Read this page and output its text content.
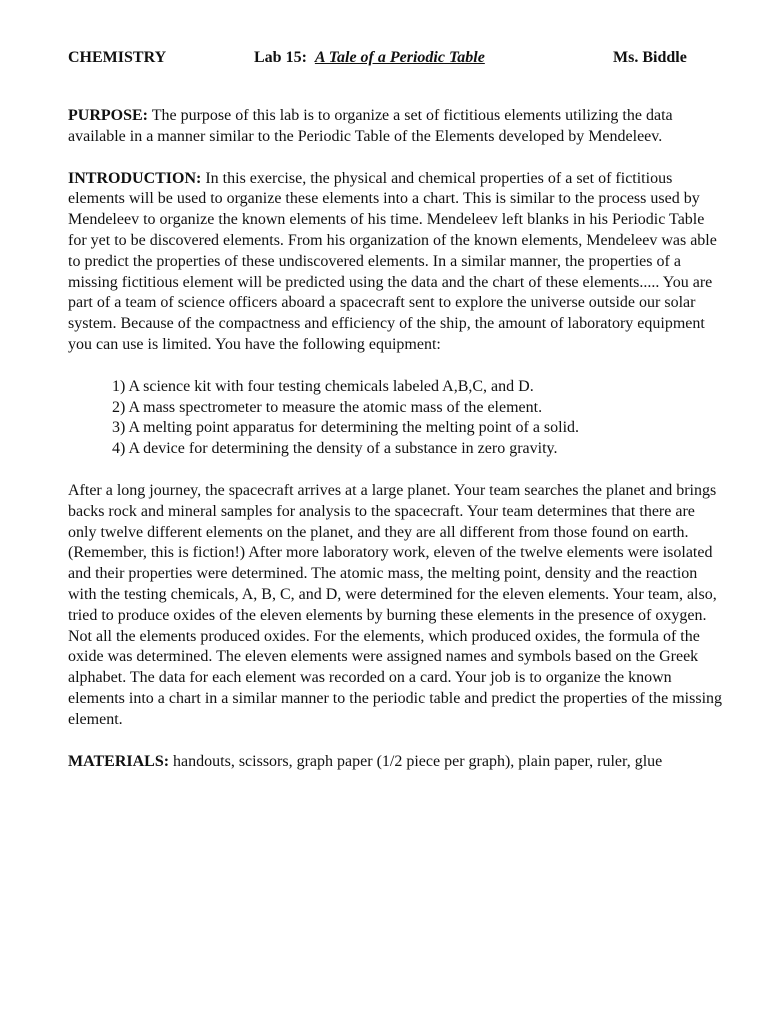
CHEMISTRY	Lab 15: A Tale of a Periodic Table	Ms. Biddle

PURPOSE: The purpose of this lab is to organize a set of fictitious elements utilizing the data available in a manner similar to the Periodic Table of the Elements developed by Mendeleev.

INTRODUCTION: In this exercise, the physical and chemical properties of a set of fictitious elements will be used to organize these elements into a chart. This is similar to the process used by Mendeleev to organize the known elements of his time. Mendeleev left blanks in his Periodic Table for yet to be discovered elements. From his organization of the known elements, Mendeleev was able to predict the properties of these undiscovered elements. In a similar manner, the properties of a missing fictitious element will be predicted using the data and the chart of these elements..... You are part of a team of science officers aboard a spacecraft sent to explore the universe outside our solar system. Because of the compactness and efficiency of the ship, the amount of laboratory equipment you can use is limited. You have the following equipment:

1) A science kit with four testing chemicals labeled A,B,C, and D.
2) A mass spectrometer to measure the atomic mass of the element.
3) A melting point apparatus for determining the melting point of a solid.
4) A device for determining the density of a substance in zero gravity.

After a long journey, the spacecraft arrives at a large planet. Your team searches the planet and brings backs rock and mineral samples for analysis to the spacecraft. Your team determines that there are only twelve different elements on the planet, and they are all different from those found on earth. (Remember, this is fiction!) After more laboratory work, eleven of the twelve elements were isolated and their properties were determined. The atomic mass, the melting point, density and the reaction with the testing chemicals, A, B, C, and D, were determined for the eleven elements. Your team, also, tried to produce oxides of the eleven elements by burning these elements in the presence of oxygen. Not all the elements produced oxides. For the elements, which produced oxides, the formula of the oxide was determined. The eleven elements were assigned names and symbols based on the Greek alphabet. The data for each element was recorded on a card. Your job is to organize the known elements into a chart in a similar manner to the periodic table and predict the properties of the missing element.

MATERIALS: handouts, scissors, graph paper (1/2 piece per graph), plain paper, ruler, glue
